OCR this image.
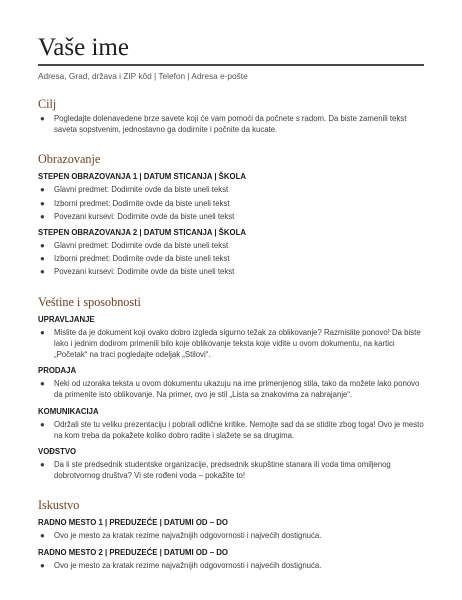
Vaše ime
Adresa, Grad, država i ZIP kôd | Telefon | Adresa e-pošte
Cilj
● Pogledajte dolenavedene brze savete koji će vam pomoći da počnete s radom. Da biste zamenili tekst saveta sopstvenim, jednostavno ga dodirnite i počnite da kucate.
Obrazovanje
STEPEN OBRAZOVANJA 1 | DATUM STICANJA | ŠKOLA
● Glavni predmet: Dodirnite ovde da biste uneli tekst
● Izborni predmet: Dodirnite ovde da biste uneli tekst
● Povezani kursevi: Dodirnite ovde da biste uneli tekst
STEPEN OBRAZOVANJA 2 | DATUM STICANJA | ŠKOLA
● Glavni predmet: Dodirnite ovde da biste uneli tekst
● Izborni predmet: Dodirnite ovde da biste uneli tekst
● Povezani kursevi: Dodirnite ovde da biste uneli tekst
Veštine i sposobnosti
UPRAVLJANJE
● Mislite da je dokument koji ovako dobro izgleda sigurno težak za oblikovanje? Razmislite ponovo! Da biste lako i jednim dodirom primenili bilo koje oblikovanje teksta koje vidite u ovom dokumentu, na kartici „Početak“ na traci pogledajte odeljak „Stilovi“.
PRODAJA
● Neki od uzoraka teksta u ovom dokumentu ukazuju na ime primenjenog stila, tako da možete lako ponovo da primenite isto oblikovanje. Na primer, ovo je stil „Lista sa znakovima za nabrajanje“.
KOMUNIKACIJA
● Održali ste tu veliku prezentaciju i pobrali odlične kritike. Nemojte sad da se stidite zbog toga! Ovo je mesto na kom treba da pokažete koliko dobro radite i slažete se sa drugima.
VOĐSTVO
● Da li ste predsednik studentske organizacije, predsednik skupštine stanara ili voda tima omiljenog dobrotvornog društva? Vi ste rođeni voda – pokažite to!
Iskustvo
RADNO MESTO 1 | PREDUZEĆE | DATUMI OD – DO
● Ovo je mesto za kratak rezime najvažnijih odgovornosti i najvećih dostignuća.
RADNO MESTO 2 | PREDUZEĆE | DATUMI OD – DO
● Ovo je mesto za kratak rezime najvažnijih odgovornosti i najvećih dostignuća.
